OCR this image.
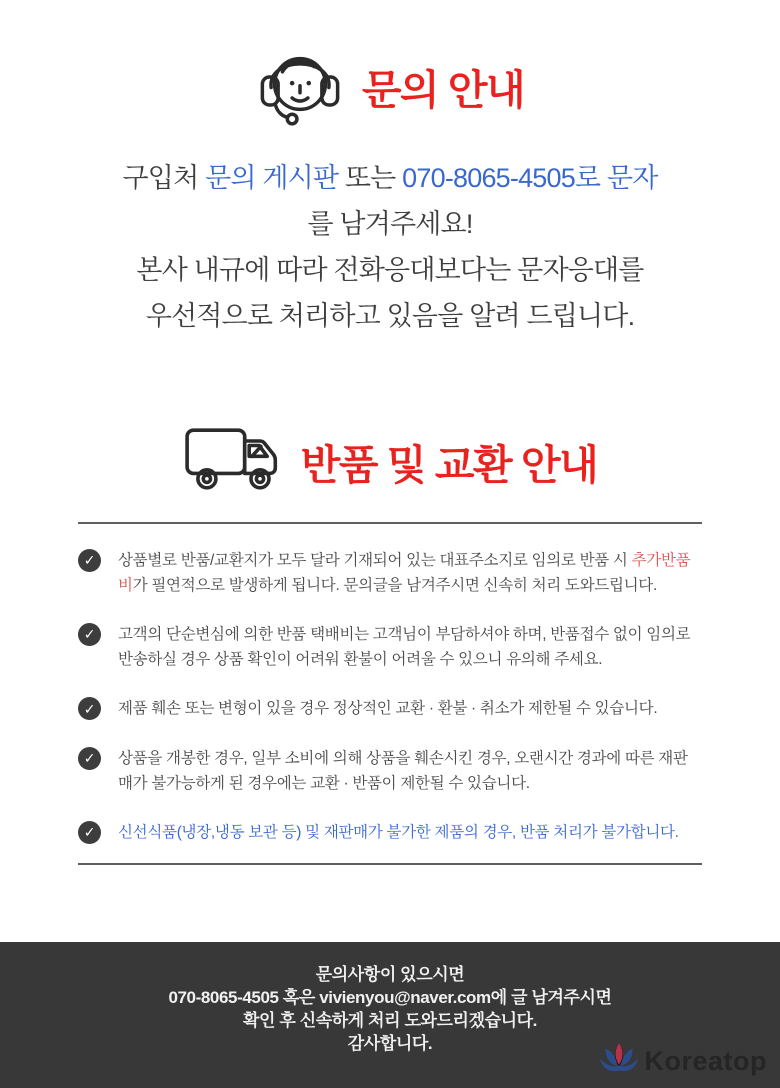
문의 안내
구입처 문의 게시판 또는 070-8065-4505로 문자
를 남겨주세요!
본사 내규에 따라 전화응대보다는 문자응대를
우선적으로 처리하고 있음을 알려 드립니다.
반품 및 교환 안내
✓	상품별로 반품/교환지가 모두 달라 기재되어 있는 대표주소지로 임의로 반품 시 추가반품비가 필연적으로 발생하게 됩니다. 문의글을 남겨주시면 신속히 처리 도와드립니다.

✓	고객의 단순변심에 의한 반품 택배비는 고객님이 부담하셔야 하며, 반품접수 없이 임의로 반송하실 경우 상품 확인이 어려워 환불이 어려울 수 있으니 유의해 주세요.

✓	제품 훼손 또는 변형이 있을 경우 정상적인 교환 · 환불 · 취소가 제한될 수 있습니다.

✓	상품을 개봉한 경우, 일부 소비에 의해 상품을 훼손시킨 경우, 오랜시간 경과에 따른 재판매가 불가능하게 된 경우에는 교환 · 반품이 제한될 수 있습니다.

✓	신선식품(냉장,냉동 보관 등) 및 재판매가 불가한 제품의 경우, 반품 처리가 불가합니다.

문의사항이 있으시면
070-8065-4505 혹은 vivienyou@naver.com에 글 남겨주시면
확인 후 신속하게 처리 도와드리겠습니다.
감사합니다.
Koreatop
